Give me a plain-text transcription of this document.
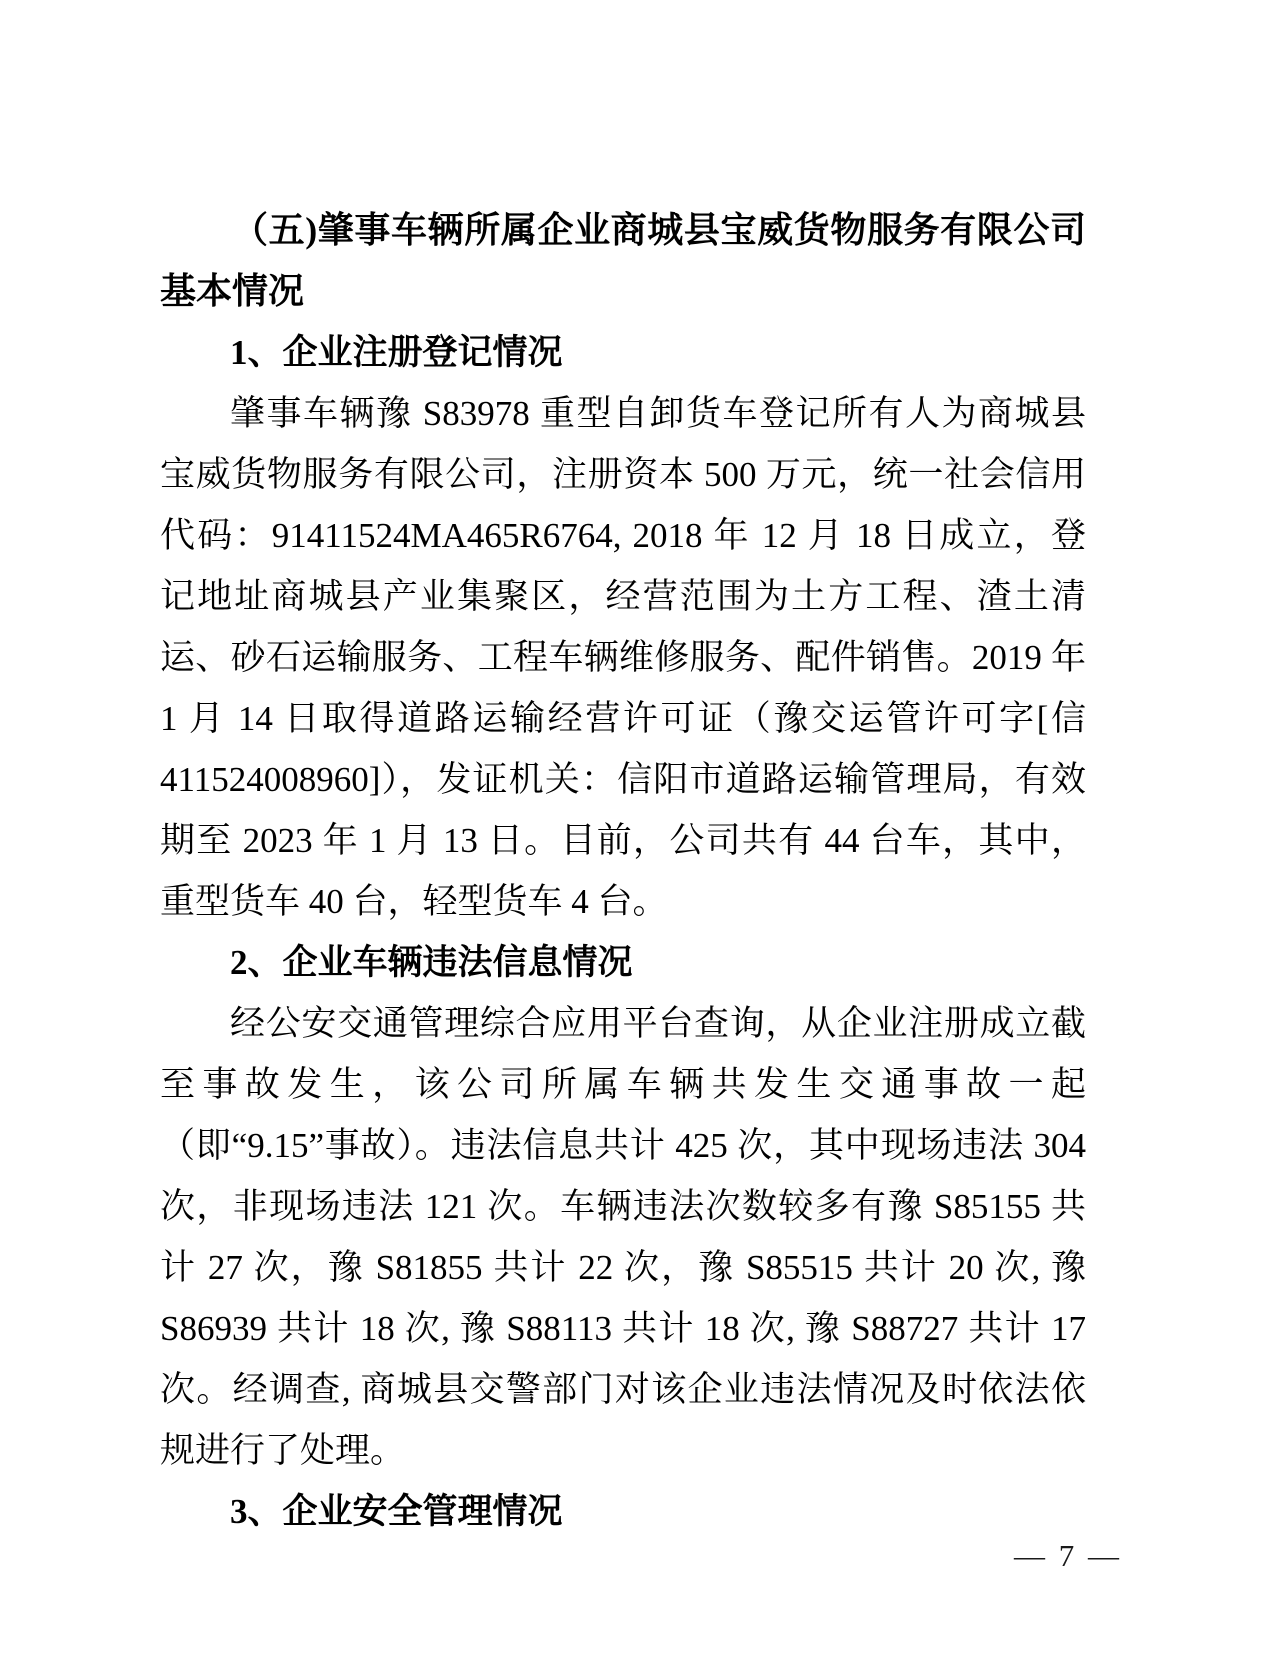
（五)肇事车辆所属企业商城县宝威货物服务有限公司基本情况
1、企业注册登记情况

肇事车辆豫 S83978 重型自卸货车登记所有人为商城县宝威货物服务有限公司，注册资本 500 万元，统一社会信用代码：91411524MA465R6764, 2018 年 12 月 18 日成立，登记地址商城县产业集聚区，经营范围为土方工程、渣土清运、砂石运输服务、工程车辆维修服务、配件销售。2019 年 1 月 14 日取得道路运输经营许可证（豫交运管许可字[信 411524008960]），发证机关：信阳市道路运输管理局，有效期至 2023 年 1 月 13 日。目前，公司共有 44 台车，其中，重型货车 40 台，轻型货车 4 台。

2、企业车辆违法信息情况

经公安交通管理综合应用平台查询，从企业注册成立截至事故发生，该公司所属车辆共发生交通事故一起（即“9.15”事故）。违法信息共计 425 次，其中现场违法 304 次，非现场违法 121 次。车辆违法次数较多有豫 S85155 共计 27 次，豫 S81855 共计 22 次，豫 S85515 共计 20 次, 豫 S86939 共计 18 次, 豫 S88113 共计 18 次, 豫 S88727 共计 17 次。经调查, 商城县交警部门对该企业违法情况及时依法依规进行了处理。

3、企业安全管理情况
— 7 —
